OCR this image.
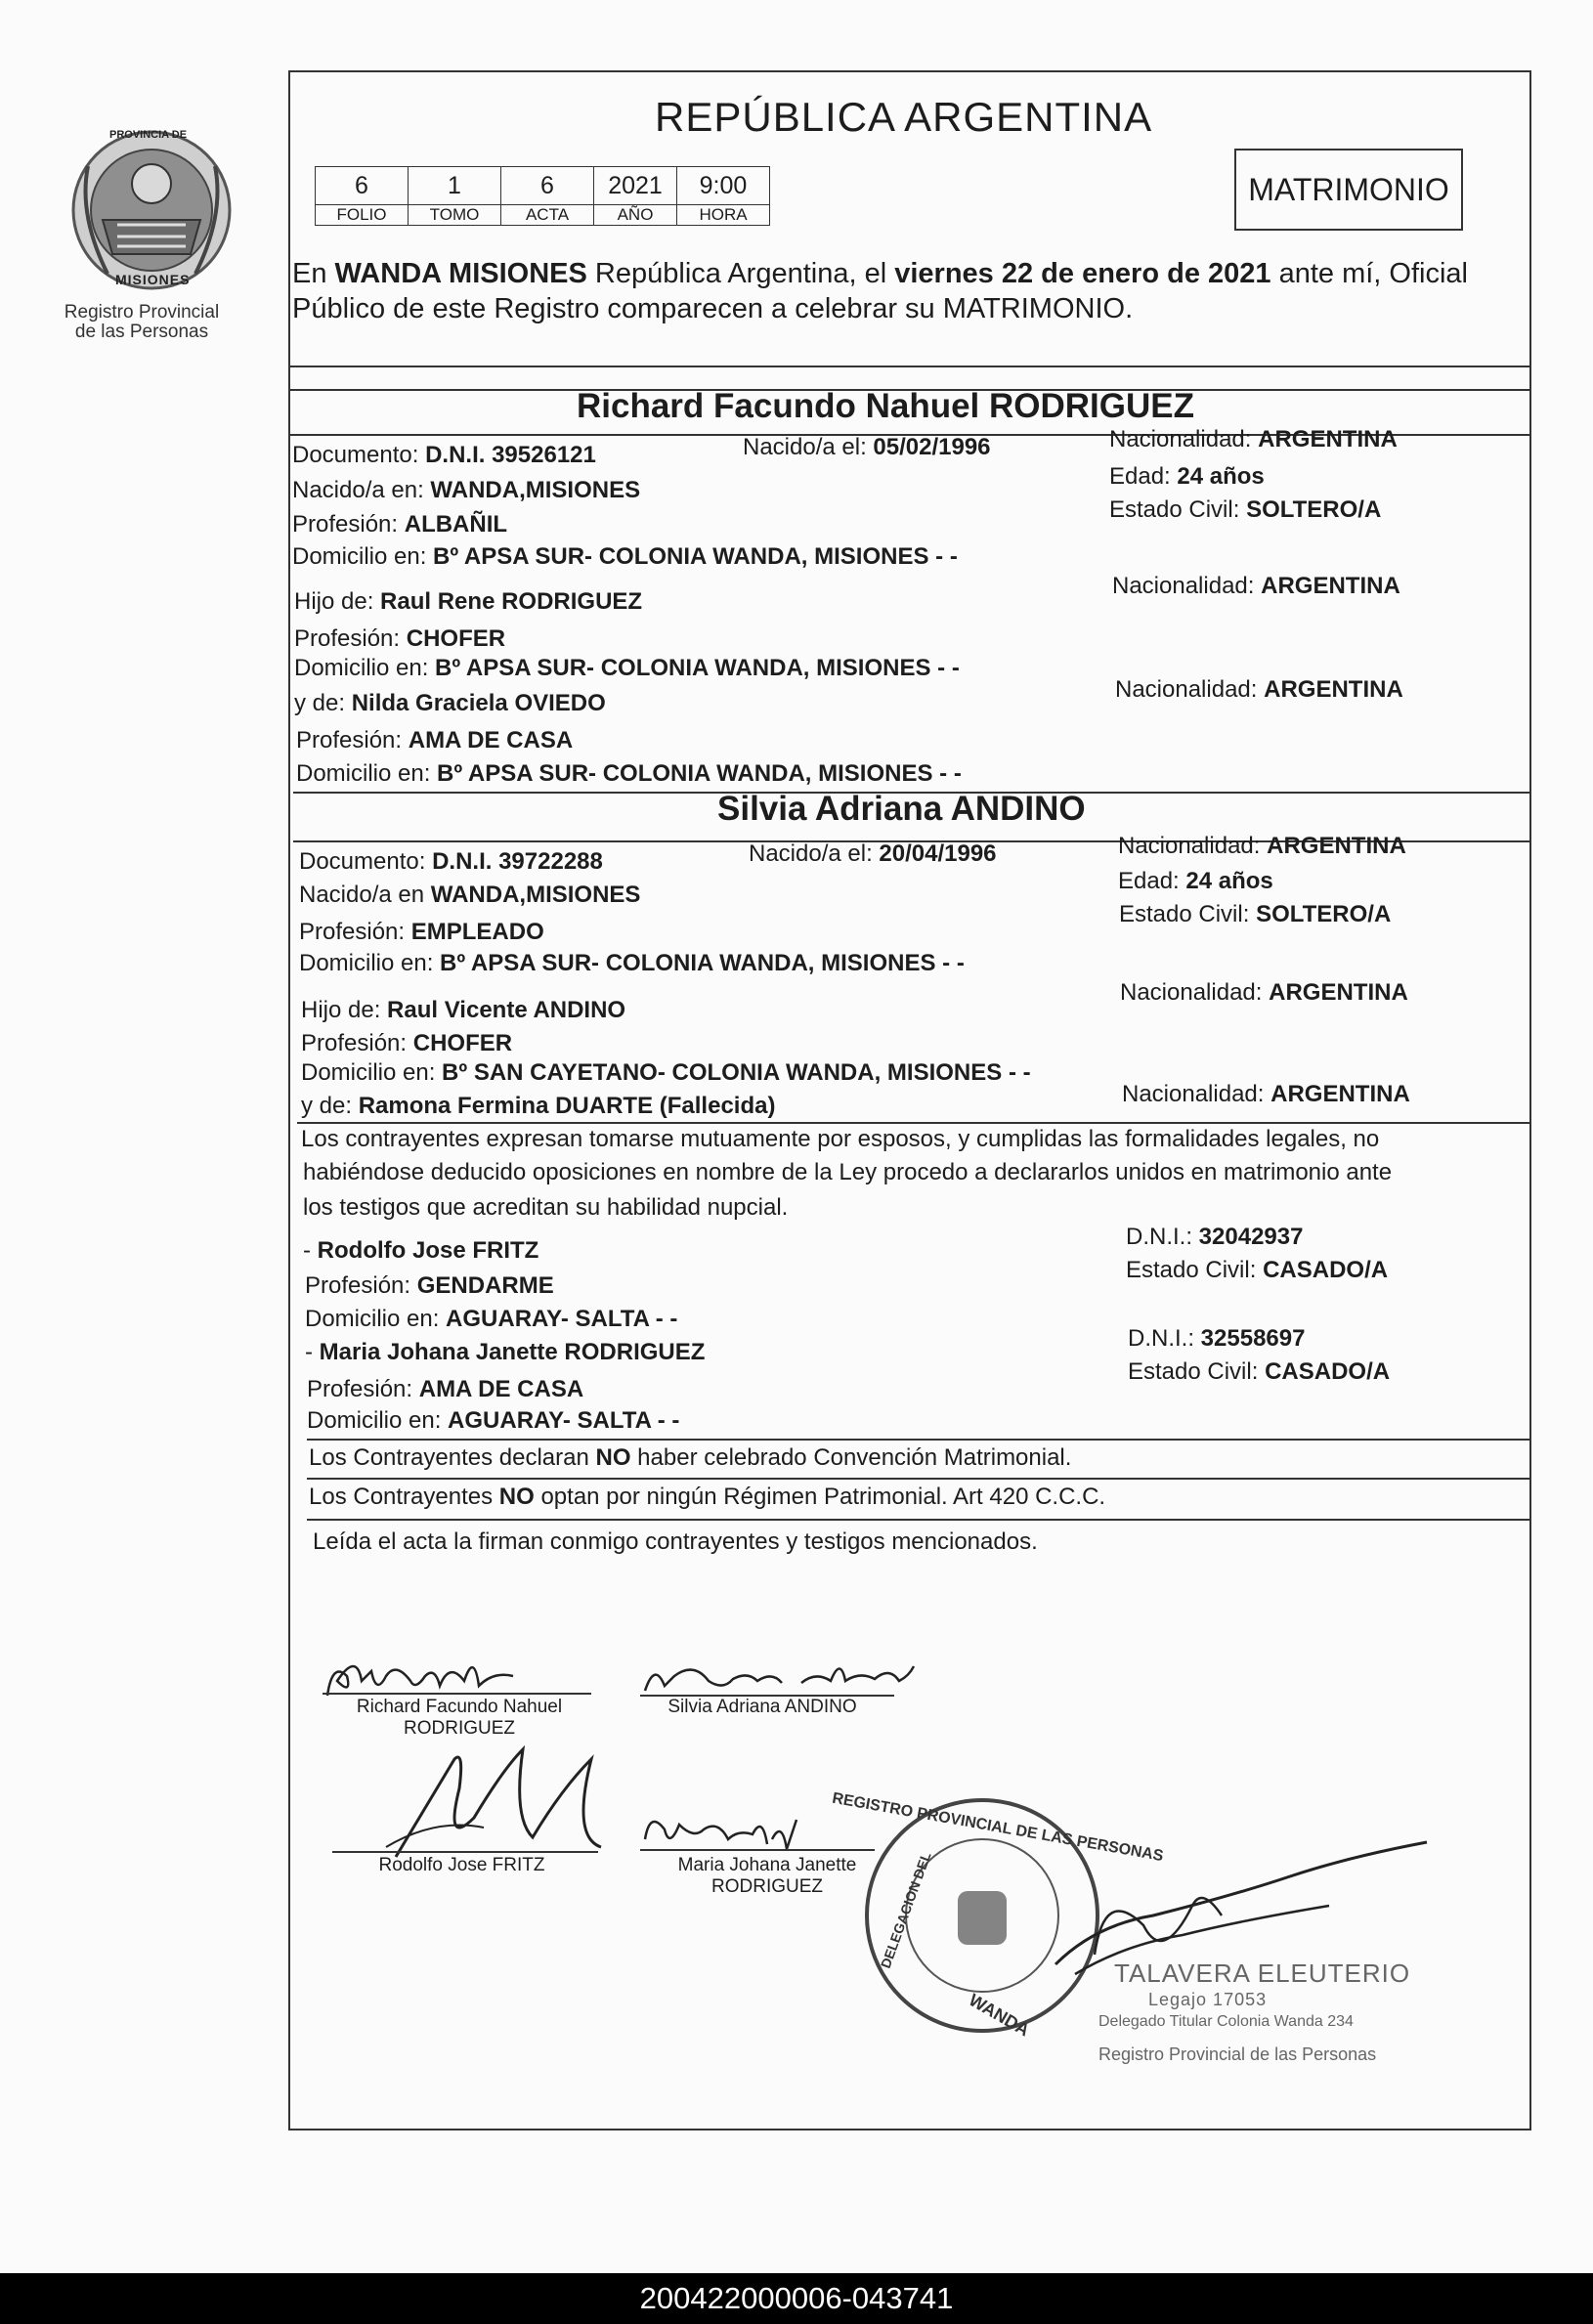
PROVINCIA DE
MISIONES
Registro Provincial
de las Personas
REPÚBLICA ARGENTINA
6	1	6	2021	9:00
FOLIO	TOMO	ACTA	AÑO	HORA
MATRIMONIO
En WANDA MISIONES República Argentina, el viernes 22 de enero de 2021 ante mí, Oficial
Público de este Registro comparecen a celebrar su MATRIMONIO.
Richard Facundo Nahuel RODRIGUEZ
Documento: D.N.I. 39526121	Nacido/a el: 05/02/1996	Nacionalidad: ARGENTINA
Nacido/a en: WANDA,MISIONES
Edad: 24 años
Profesión: ALBAÑIL
Estado Civil: SOLTERO/A
Domicilio en: Bº APSA SUR- COLONIA WANDA, MISIONES - -
Hijo de: Raul Rene RODRIGUEZ
Nacionalidad: ARGENTINA
Profesión: CHOFER
Domicilio en: Bº APSA SUR- COLONIA WANDA, MISIONES - -
y de: Nilda Graciela OVIEDO
Nacionalidad: ARGENTINA
Profesión: AMA DE CASA
Domicilio en: Bº APSA SUR- COLONIA WANDA, MISIONES - -
Silvia Adriana ANDINO
Documento: D.N.I. 39722288	Nacido/a el: 20/04/1996	Nacionalidad: ARGENTINA
Nacido/a en WANDA,MISIONES
Edad: 24 años
Profesión: EMPLEADO
Estado Civil: SOLTERO/A
Domicilio en: Bº APSA SUR- COLONIA WANDA, MISIONES - -
Hijo de: Raul Vicente ANDINO
Nacionalidad: ARGENTINA
Profesión: CHOFER
Domicilio en: Bº SAN CAYETANO- COLONIA WANDA, MISIONES - -
y de: Ramona Fermina DUARTE (Fallecida)	Nacionalidad: ARGENTINA
Los contrayentes expresan tomarse mutuamente por esposos, y cumplidas las formalidades legales, no
habiéndose deducido oposiciones en nombre de la Ley procedo a declararlos unidos en matrimonio ante
los testigos que acreditan su habilidad nupcial.
- Rodolfo Jose FRITZ
D.N.I.: 32042937
Profesión: GENDARME
Estado Civil: CASADO/A
Domicilio en: AGUARAY- SALTA - -
- Maria Johana Janette RODRIGUEZ
D.N.I.: 32558697
Profesión: AMA DE CASA
Estado Civil: CASADO/A
Domicilio en: AGUARAY- SALTA - -
Los Contrayentes declaran NO haber celebrado Convención Matrimonial.
Los Contrayentes NO optan por ningún Régimen Patrimonial. Art 420 C.C.C.
Leída el acta la firman conmigo contrayentes y testigos mencionados.
Richard Facundo Nahuel
RODRIGUEZ
Silvia Adriana ANDINO
Rodolfo Jose FRITZ	Maria Johana Janette
RODRIGUEZ
REGISTRO PROVINCIAL DE LAS PERSONAS
DELEGACION DEL
WANDA
TALAVERA ELEUTERIO
Legajo 17053
Delegado Titular Colonia Wanda 234
Registro Provincial de las Personas
200422000006-043741
